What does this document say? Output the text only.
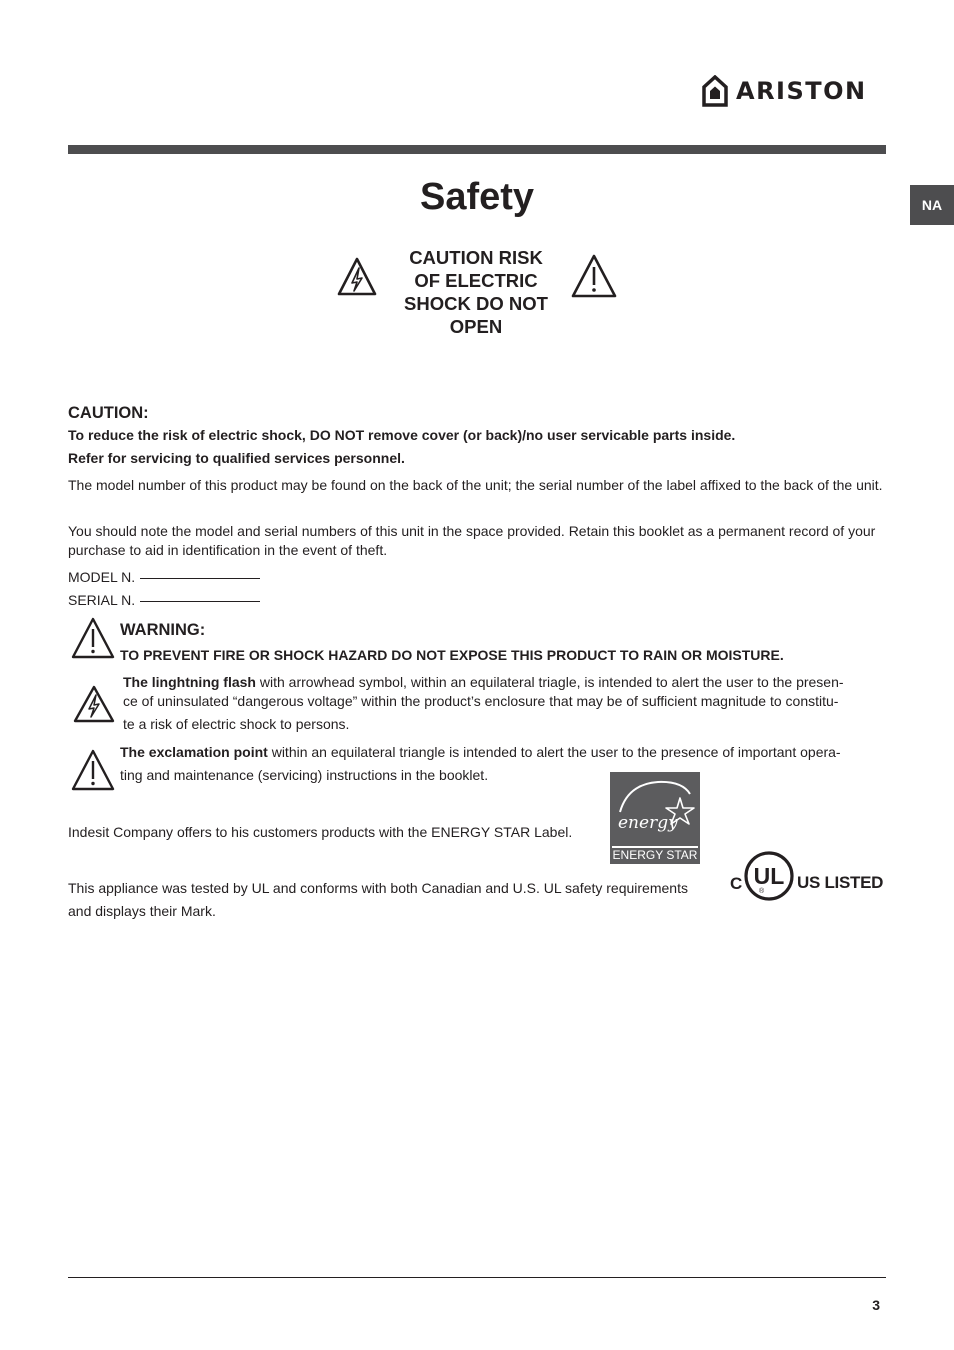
ARISTON
NA
Safety
CAUTION RISK OF ELECTRIC SHOCK DO NOT OPEN
CAUTION:
To reduce the risk of electric shock, DO NOT remove cover (or back)/no user servicable parts inside.
Refer for servicing to qualified services personnel.
The model number of this product may be found on the back of the unit; the serial number of the label affixed to the back of the unit.
You should note the model and serial numbers of this unit in the space provided. Retain this booklet as a permanent record of your purchase to aid in identification in the event of theft.
MODEL N.
SERIAL N.
WARNING:
TO PREVENT FIRE OR SHOCK HAZARD DO NOT EXPOSE THIS PRODUCT TO RAIN OR MOISTURE.
The linghtning flash with arrowhead symbol, within an equilateral triagle, is intended to alert the user to the presen-
ce of uninsulated “dangerous voltage” within the product’s enclosure that may be of sufficient magnitude to constitu-
te a risk of electric shock to persons.
The exclamation point within an equilateral triangle is intended to alert the user to the presence of important opera-
ting and maintenance (servicing) instructions in the booklet.
Indesit Company offers to his customers products with the ENERGY STAR Label.	energy
ENERGY STAR
This appliance was tested by UL and conforms with both Canadian and U.S. UL safety requirements
and displays their Mark.
C UL
® US LISTED
3
